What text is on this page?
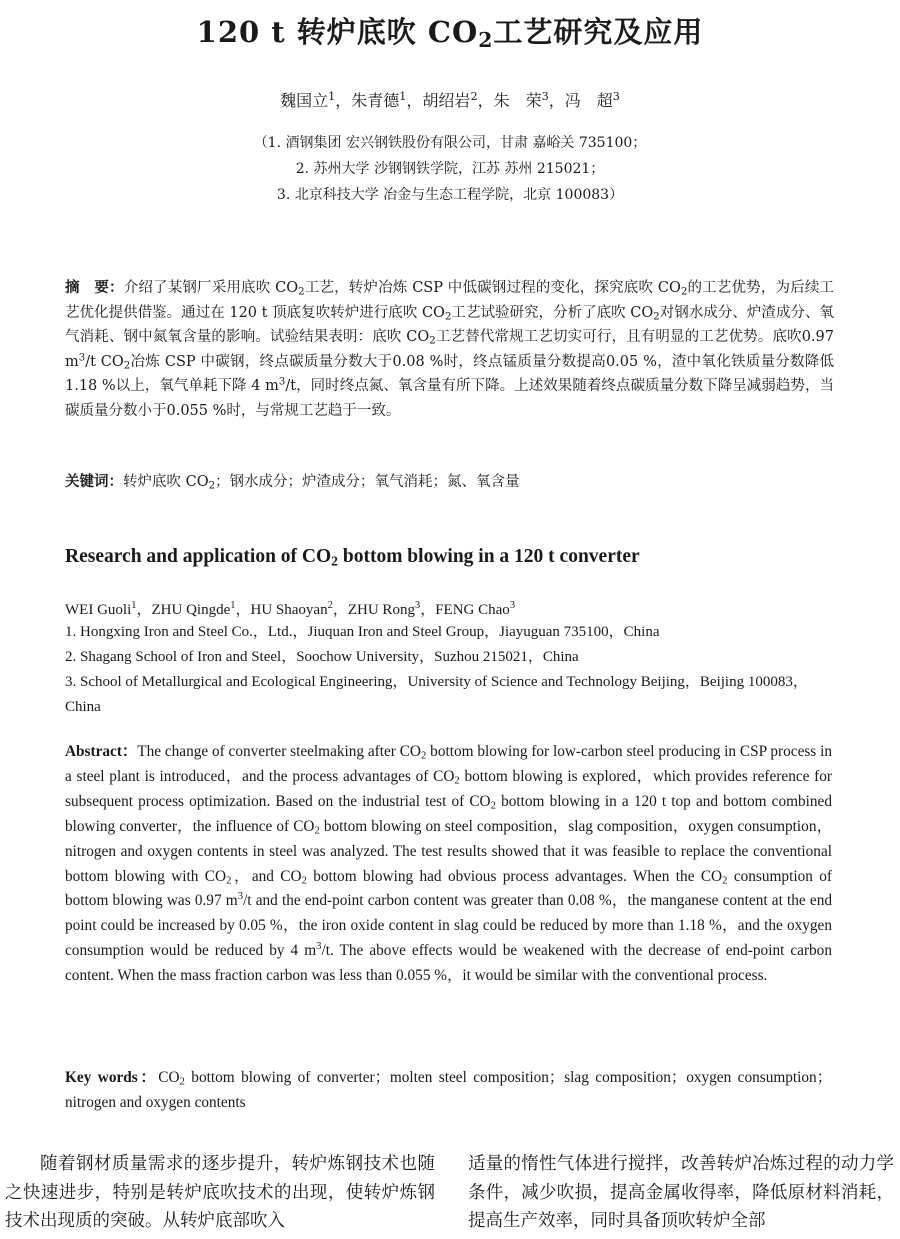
120 t 转炉底吹 $CO_2$工艺研究及应用
魏国立$^1$，朱青德$^1$，胡绍岩$^2$，朱　荣$^3$，冯　超$^3$
（1. 酒钢集团 宏兴钢铁股份有限公司，甘肃 嘉峪关 735100；
2. 苏州大学 沙钢钢铁学院，江苏 苏州 215021；
3. 北京科技大学 冶金与生态工程学院，北京 100083）
摘　要：介绍了某钢厂采用底吹 $CO_2$工艺，转炉冶炼 CSP 中低碳钢过程的变化，探究底吹 $CO_2$的工艺优势，为后续工艺优化提供借鉴。通过在 120 t 顶底复吹转炉进行底吹 $CO_2$工艺试验研究，分析了底吹 $CO_2$对钢水成分、炉渣成分、氧气消耗、钢中氮氧含量的影响。试验结果表明：底吹 $CO_2$工艺替代常规工艺切实可行，且有明显的工艺优势。底吹0.97 $m^3/t$ $CO_2$冶炼 CSP 中碳钢，终点碳质量分数大于0.08 %时，终点锰质量分数提高0.05 %，渣中氧化铁质量分数降低1.18 %以上，氧气单耗下降 4 $m^3/t$，同时终点氮、氧含量有所下降。上述效果随着终点碳质量分数下降呈减弱趋势，当碳质量分数小于0.055 %时，与常规工艺趋于一致。
关键词：转炉底吹 $CO_2$；钢水成分；炉渣成分；氧气消耗；氮、氧含量
Research and application of $CO_2$ bottom blowing in a 120 t converter
WEI Guoli$^1$，ZHU Qingde$^1$，HU Shaoyan$^2$，ZHU Rong$^3$，FENG Chao$^3$
1. Hongxing Iron and Steel Co.，Ltd.，Jiuquan Iron and Steel Group，Jiayuguan 735100，China
2. Shagang School of Iron and Steel，Soochow University，Suzhou 215021，China
3. School of Metallurgical and Ecological Engineering，University of Science and Technology Beijing，Beijing 100083，China
Abstract：The change of converter steelmaking after $CO_2$ bottom blowing for low-carbon steel producing in CSP process in a steel plant is introduced，and the process advantages of $CO_2$ bottom blowing is explored，which provides reference for subsequent process optimization. Based on the industrial test of $CO_2$ bottom blowing in a 120 t top and bottom combined blowing converter，the influence of $CO_2$ bottom blowing on steel composition，slag composition，oxygen consumption，nitrogen and oxygen contents in steel was analyzed. The test results showed that it was feasible to replace the conventional bottom blowing with $CO_2$，and $CO_2$ bottom blowing had obvious process advantages. When the $CO_2$ consumption of bottom blowing was 0.97 $m^3/t$ and the end-point carbon content was greater than 0.08 %，the manganese content at the end point could be increased by 0.05 %，the iron oxide content in slag could be reduced by more than 1.18 %，and the oxygen consumption would be reduced by 4 $m^3/t$. The above effects would be weakened with the decrease of end-point carbon content. When the mass fraction carbon was less than 0.055 %，it would be similar with the conventional process.
Key words：$CO_2$ bottom blowing of converter；molten steel composition；slag composition；oxygen consumption；nitrogen and oxygen contents
随着钢材质量需求的逐步提升，转炉炼钢技术也随之快速进步，特别是转炉底吹技术的出现，使转炉炼钢技术出现质的突破。从转炉底部吹入
适量的惰性气体进行搅拌，改善转炉冶炼过程的动力学条件，减少吹损，提高金属收得率，降低原材料消耗，提高生产效率，同时具备顶吹转炉全部
